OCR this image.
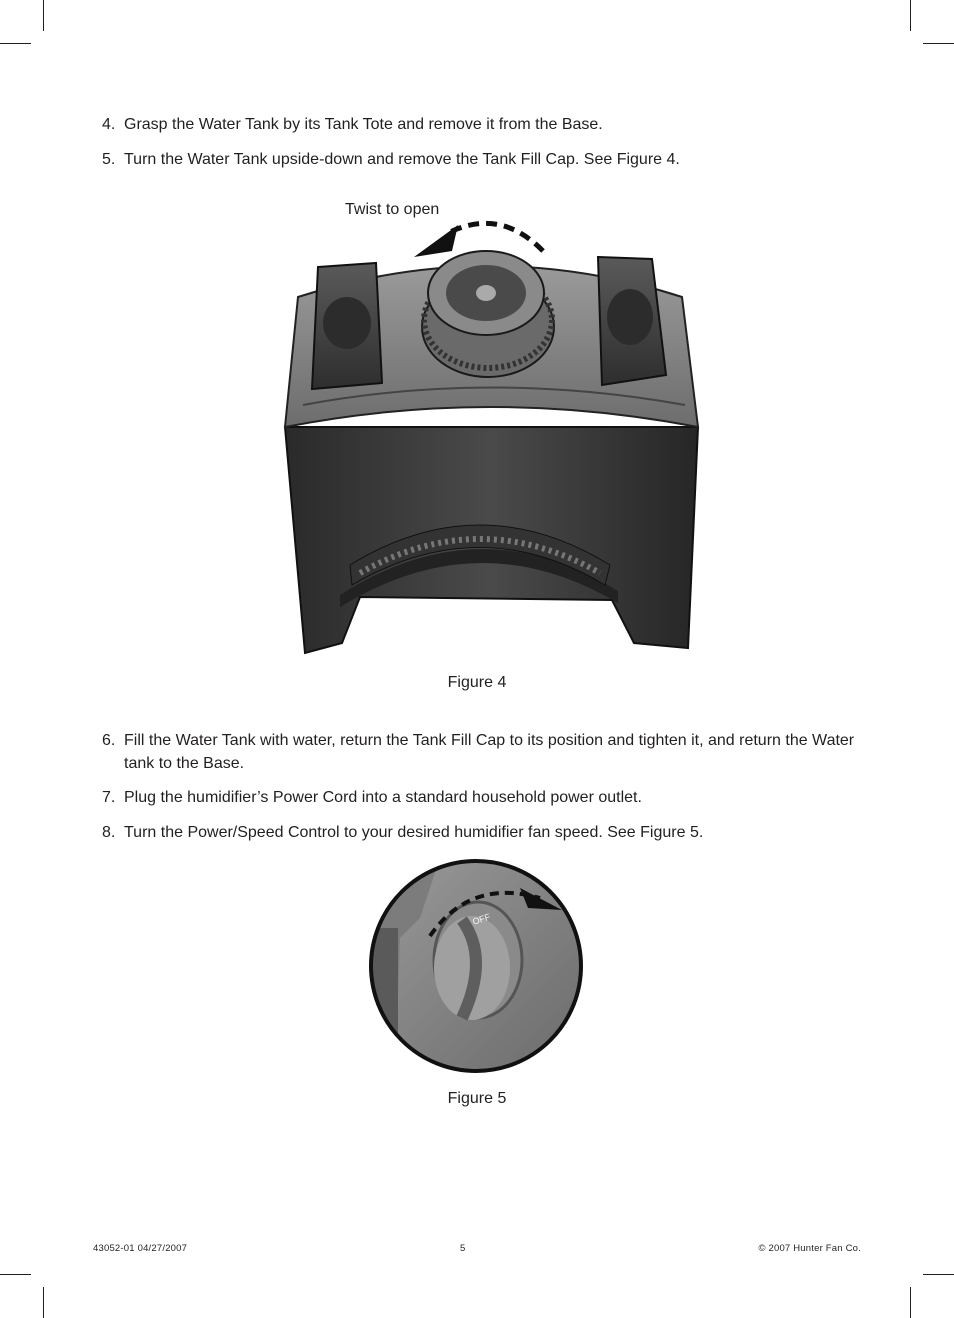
4. Grasp the Water Tank by its Tank Tote and remove it from the Base.
5. Turn the Water Tank upside-down and remove the Tank Fill Cap. See Figure 4.
Twist to open
Figure 4
6. Fill the Water Tank with water, return the Tank Fill Cap to its position and tighten it, and return the Water tank to the Base.
7. Plug the humidifier’s Power Cord into a standard household power outlet.
8. Turn the Power/Speed Control to your desired humidifier fan speed. See Figure 5.
OFF
Figure 5
43052-01 04/27/2007	5	© 2007 Hunter Fan Co.
